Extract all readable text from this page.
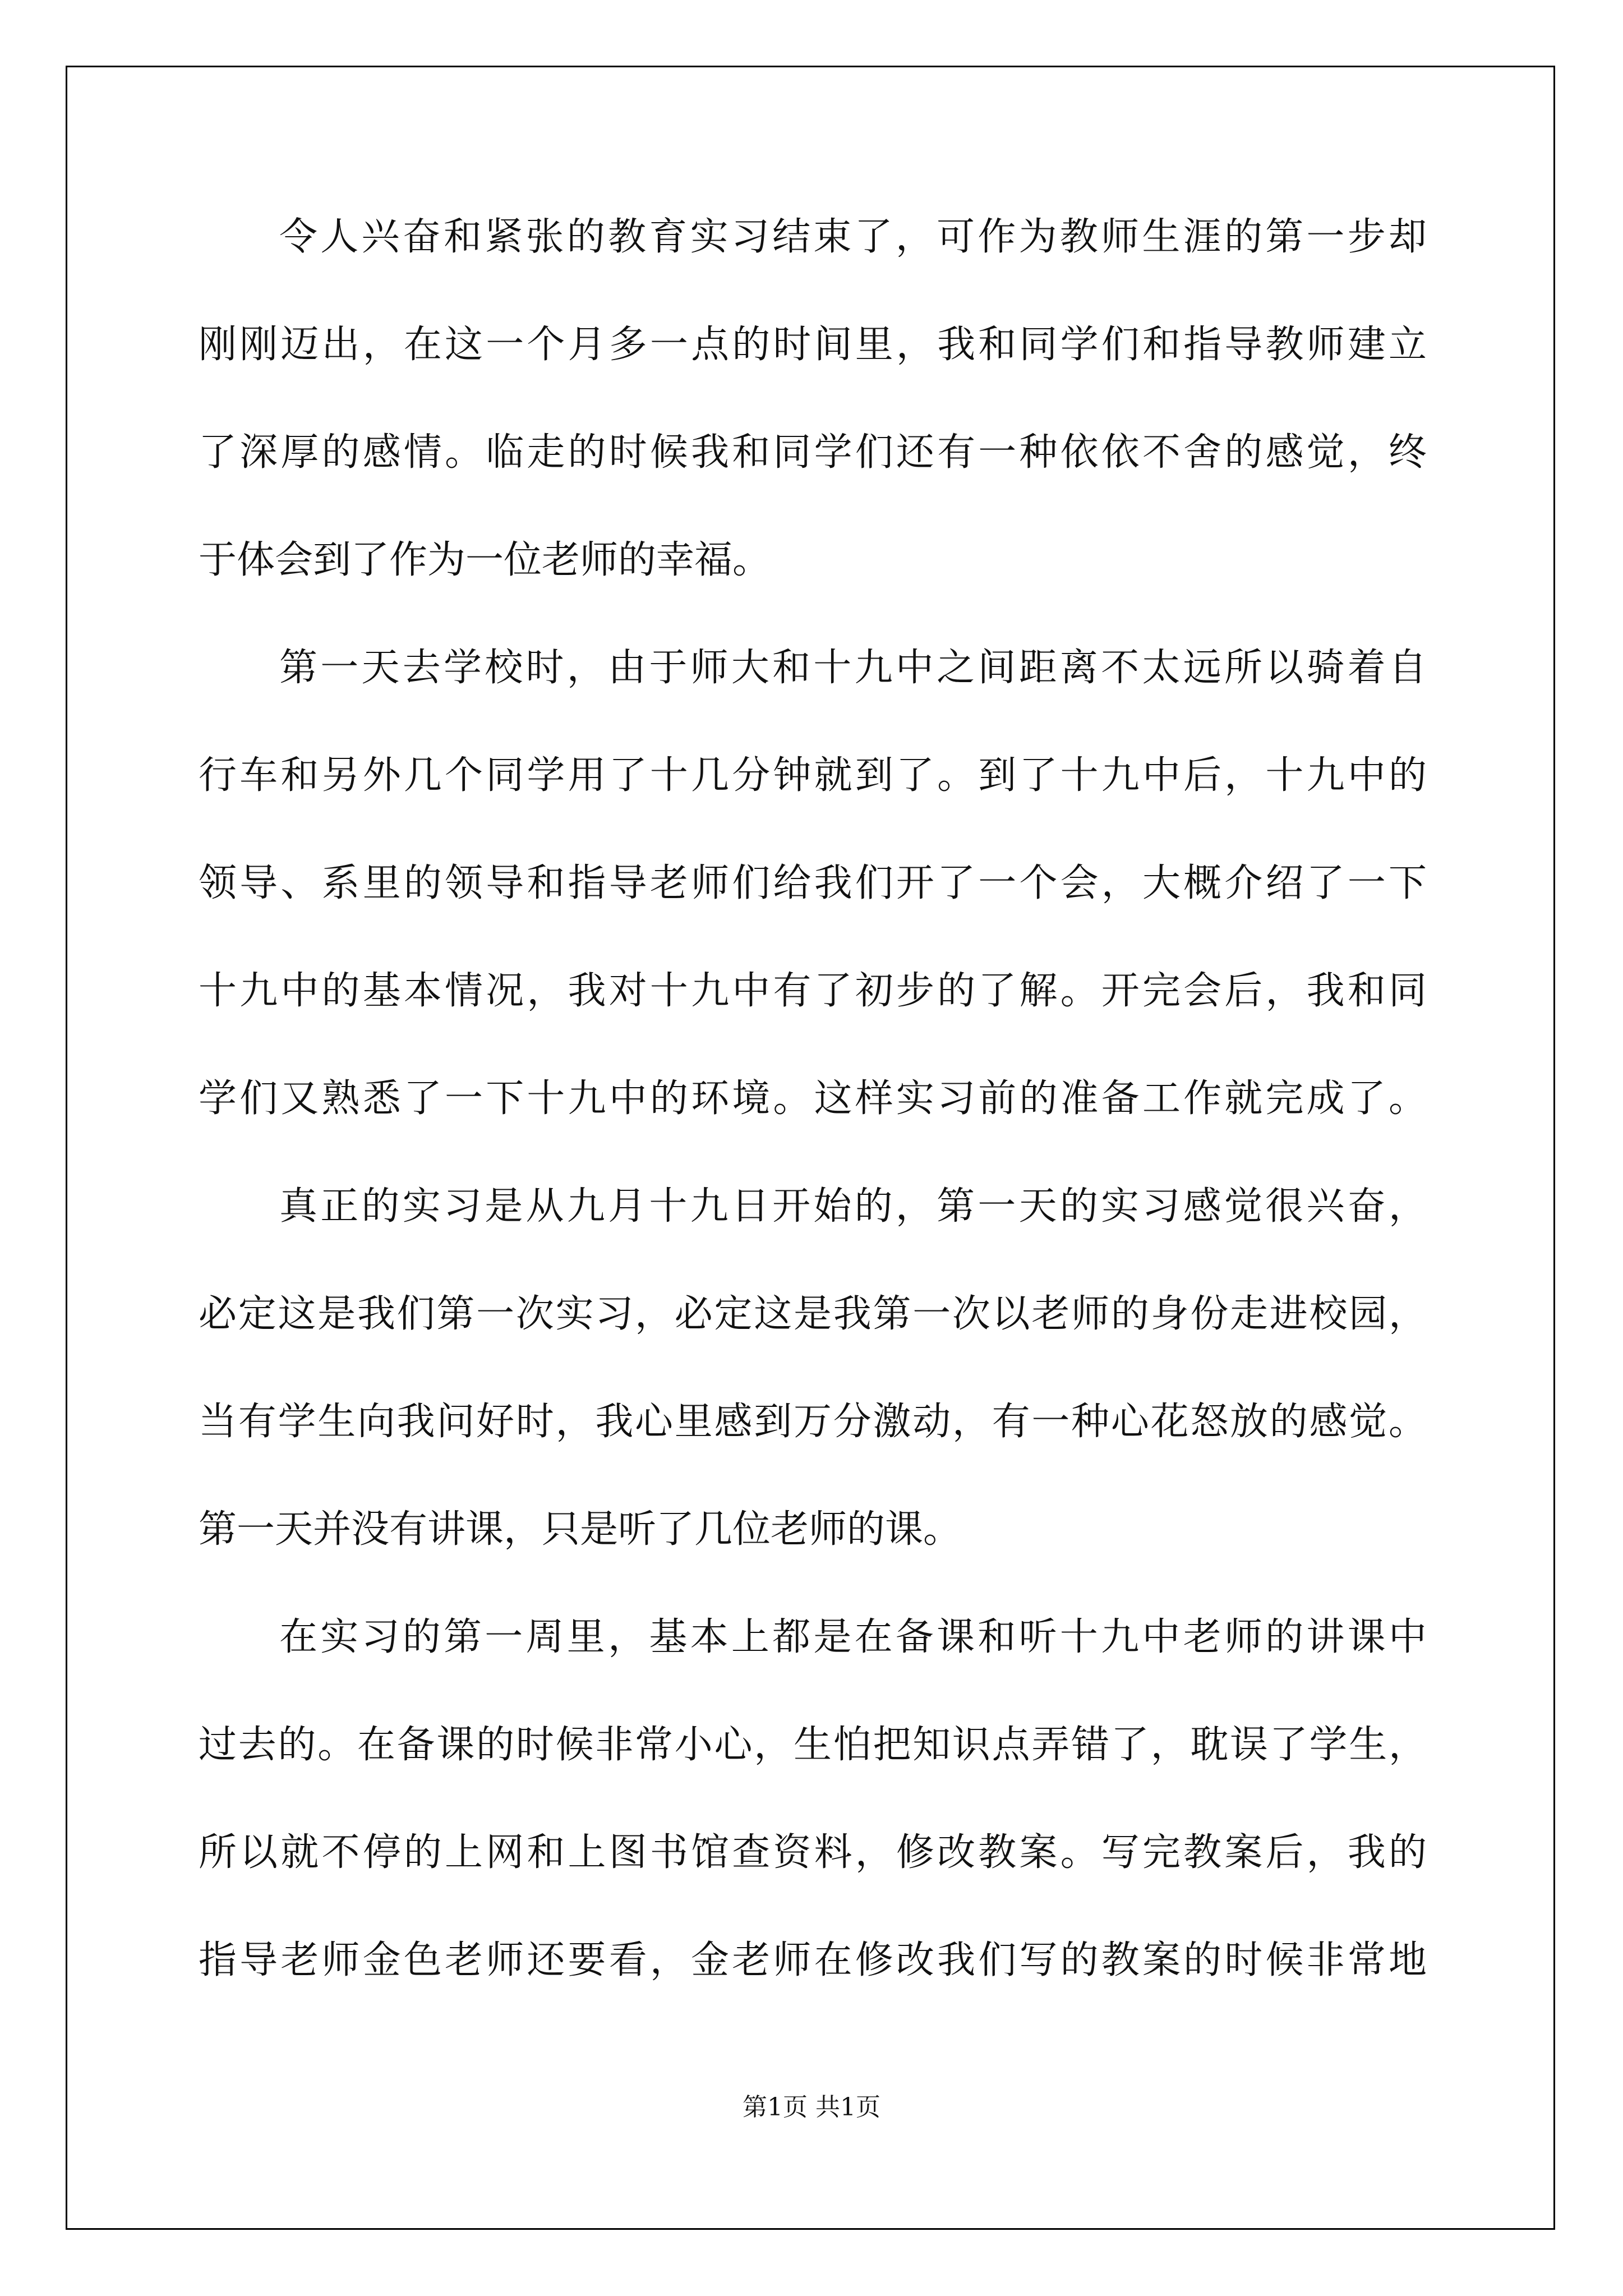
令人兴奋和紧张的教育实习结束了，可作为教师生涯的第一步却
刚刚迈出，在这一个月多一点的时间里，我和同学们和指导教师建立
了深厚的感情。临走的时候我和同学们还有一种依依不舍的感觉，终
于体会到了作为一位老师的幸福。
第一天去学校时，由于师大和十九中之间距离不太远所以骑着自
行车和另外几个同学用了十几分钟就到了。到了十九中后，十九中的
领导、系里的领导和指导老师们给我们开了一个会，大概介绍了一下
十九中的基本情况，我对十九中有了初步的了解。开完会后，我和同
学们又熟悉了一下十九中的环境。这样实习前的准备工作就完成了。
真正的实习是从九月十九日开始的，第一天的实习感觉很兴奋，
必定这是我们第一次实习，必定这是我第一次以老师的身份走进校园，
当有学生向我问好时，我心里感到万分激动，有一种心花怒放的感觉。
第一天并没有讲课，只是听了几位老师的课。
在实习的第一周里，基本上都是在备课和听十九中老师的讲课中
过去的。在备课的时候非常小心，生怕把知识点弄错了，耽误了学生，
所以就不停的上网和上图书馆查资料，修改教案。写完教案后，我的
指导老师金色老师还要看，金老师在修改我们写的教案的时候非常地
第1页 共1页
